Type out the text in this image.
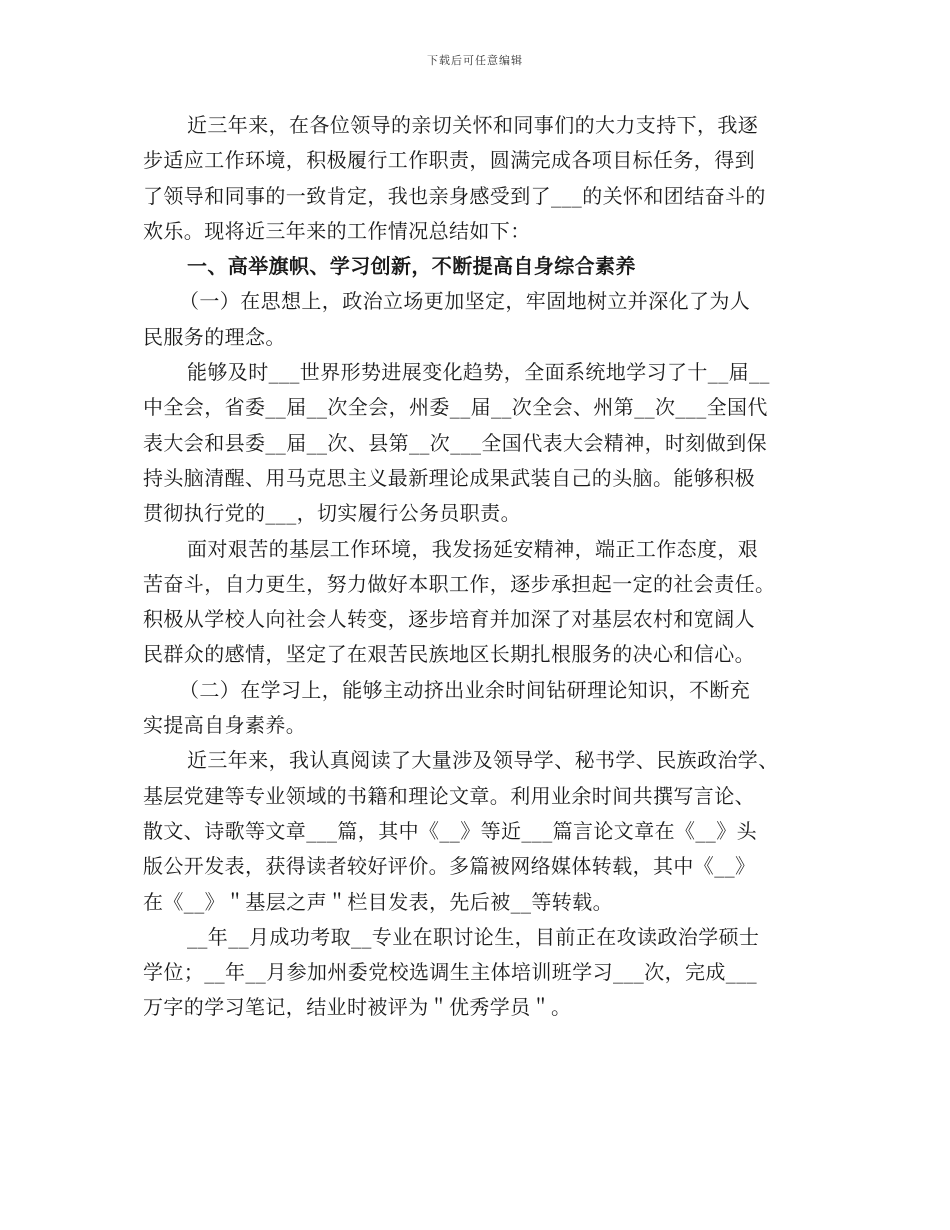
下载后可任意编辑
近三年来，在各位领导的亲切关怀和同事们的大力支持下，我逐
步适应工作环境，积极履行工作职责，圆满完成各项目标任务，得到
了领导和同事的一致肯定，我也亲身感受到了___的关怀和团结奋斗的
欢乐。现将近三年来的工作情况总结如下：
一、高举旗帜、学习创新，不断提高自身综合素养
（一）在思想上，政治立场更加坚定，牢固地树立并深化了为人
民服务的理念。
能够及时___世界形势进展变化趋势，全面系统地学习了十__届__
中全会，省委__届__次全会，州委__届__次全会、州第__次___全国代
表大会和县委__届__次、县第__次___全国代表大会精神，时刻做到保
持头脑清醒、用马克思主义最新理论成果武装自己的头脑。能够积极
贯彻执行党的___，切实履行公务员职责。
面对艰苦的基层工作环境，我发扬延安精神，端正工作态度，艰
苦奋斗，自力更生，努力做好本职工作，逐步承担起一定的社会责任。
积极从学校人向社会人转变，逐步培育并加深了对基层农村和宽阔人
民群众的感情，坚定了在艰苦民族地区长期扎根服务的决心和信心。
（二）在学习上，能够主动挤出业余时间钻研理论知识，不断充
实提高自身素养。
近三年来，我认真阅读了大量涉及领导学、秘书学、民族政治学、
基层党建等专业领域的书籍和理论文章。利用业余时间共撰写言论、
散文、诗歌等文章___篇，其中《__》等近___篇言论文章在《__》头
版公开发表，获得读者较好评价。多篇被网络媒体转载，其中《__》
在《__》＂基层之声＂栏目发表，先后被__等转载。
__年__月成功考取__专业在职讨论生，目前正在攻读政治学硕士
学位；__年__月参加州委党校选调生主体培训班学习___次，完成___
万字的学习笔记，结业时被评为＂优秀学员＂。
